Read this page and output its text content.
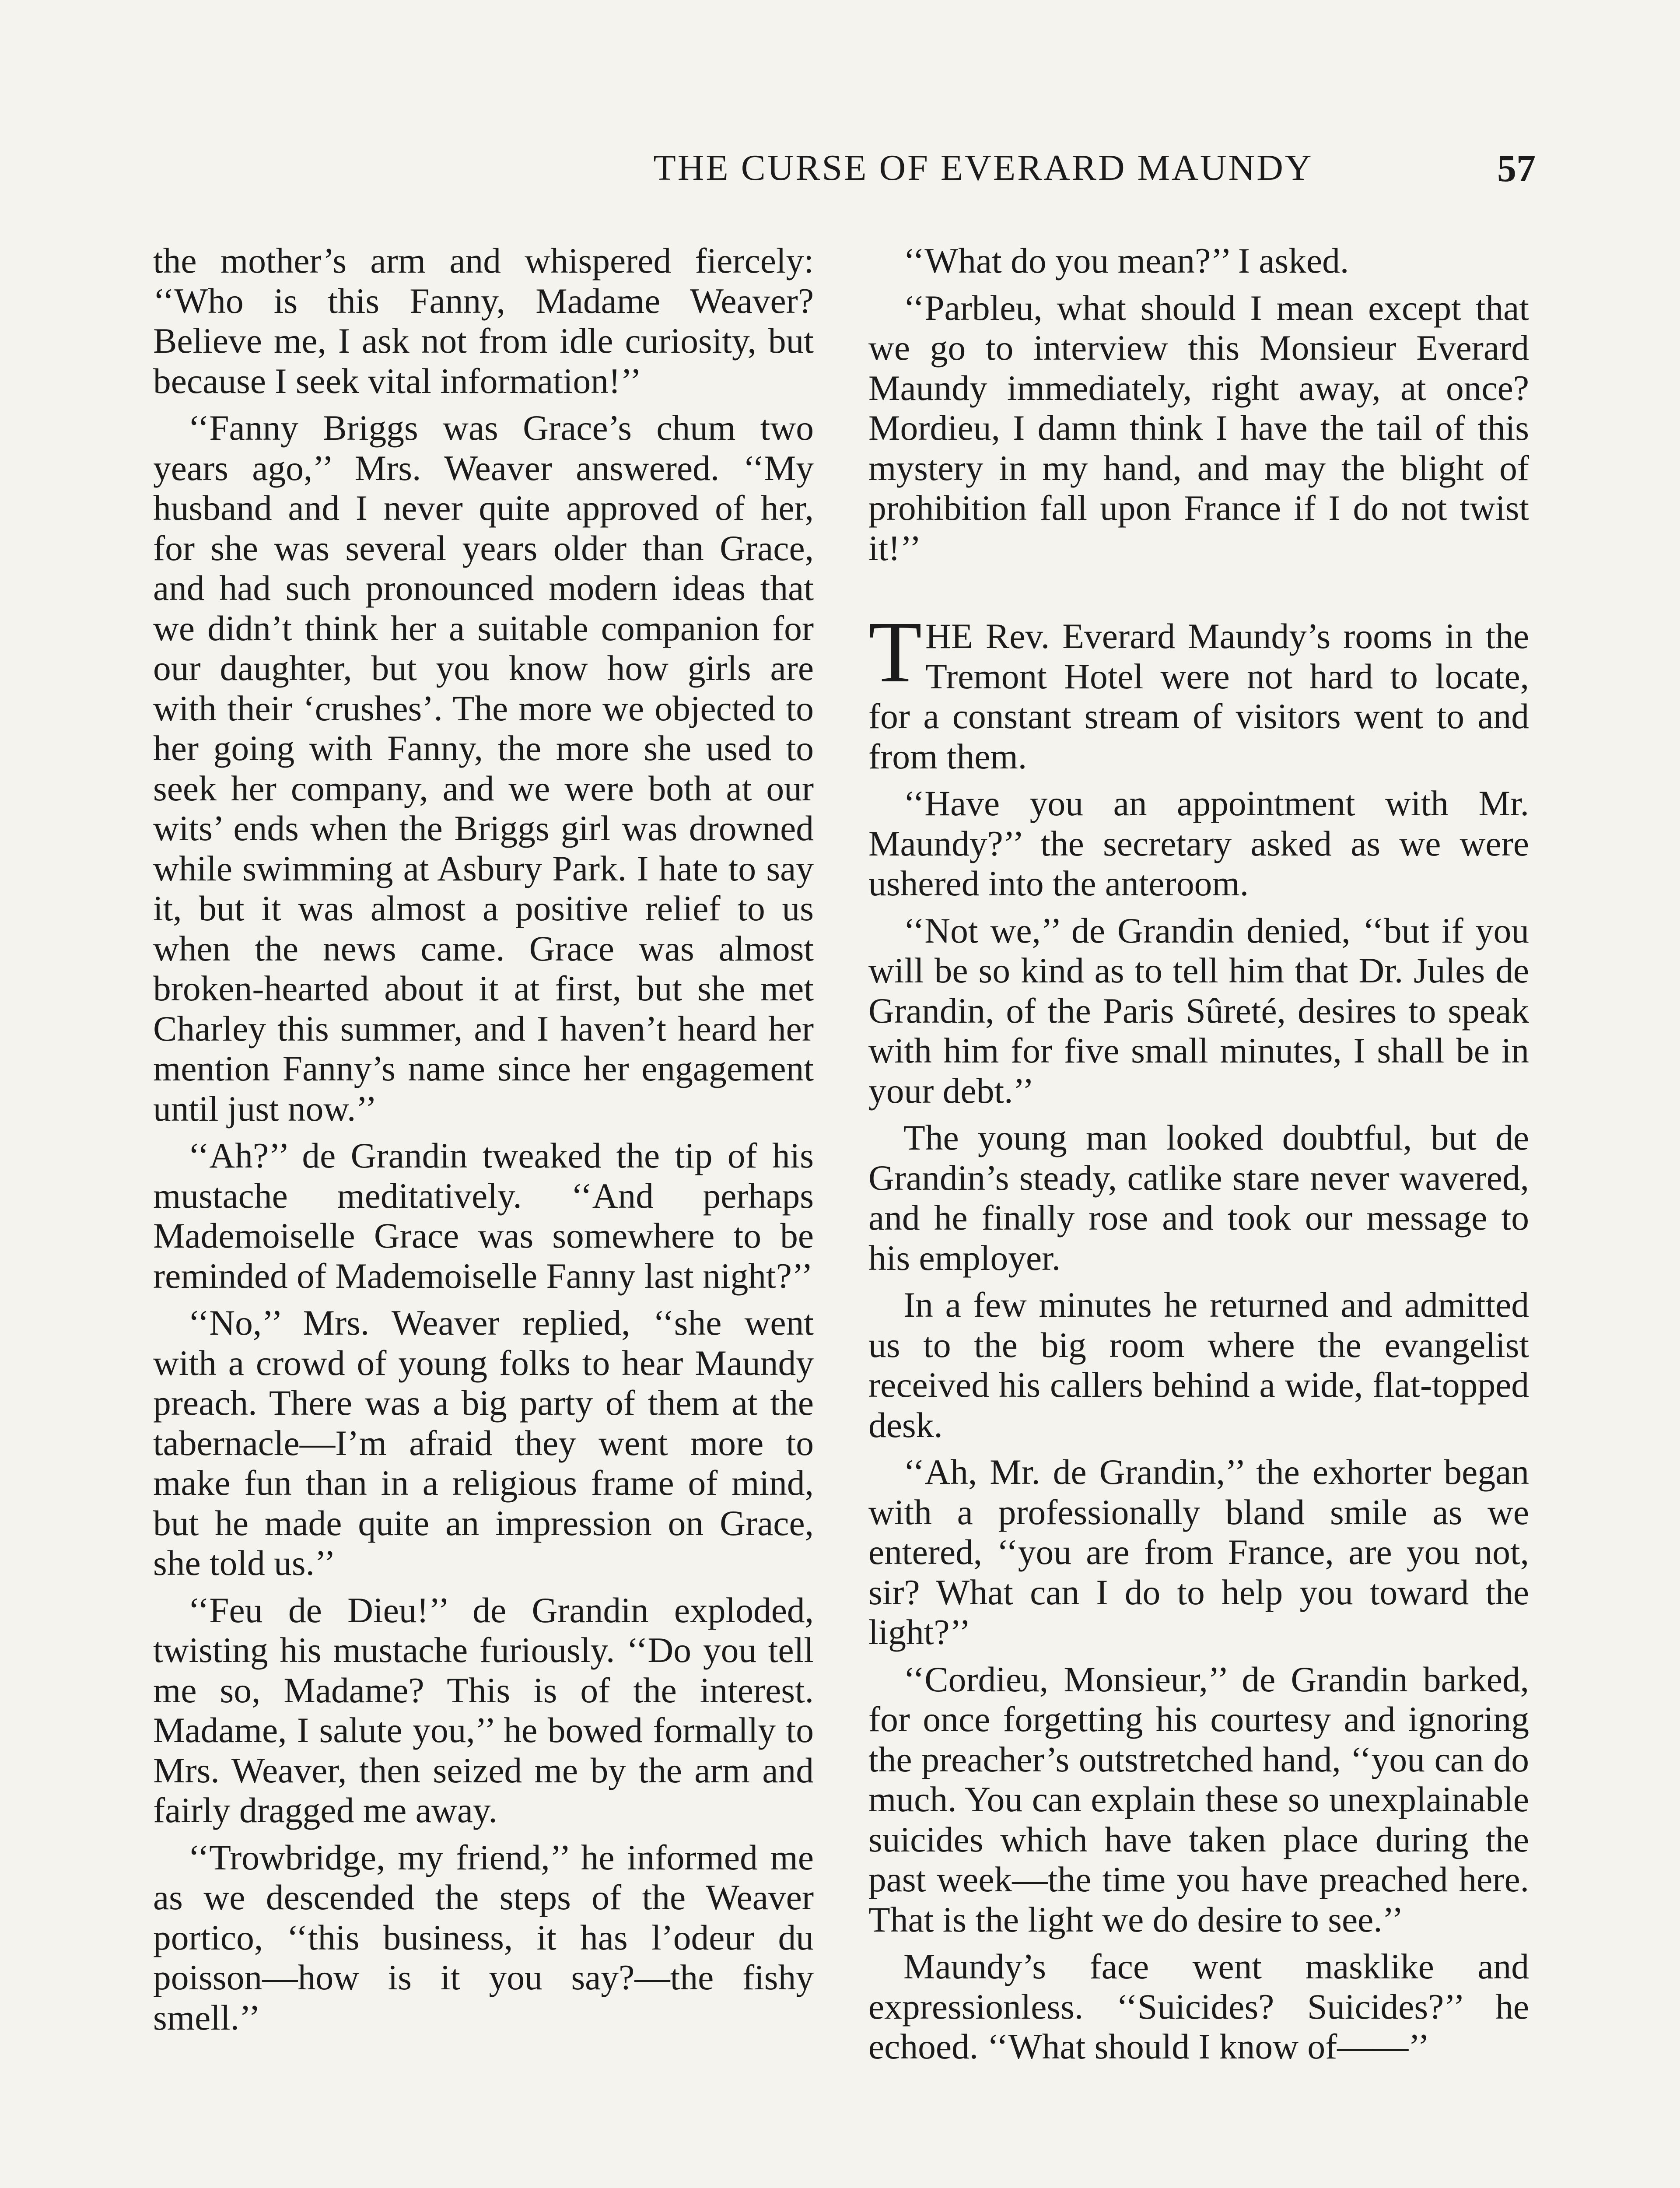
THE CURSE OF EVERARD MAUNDY	57

the mother’s arm and whispered fiercely: ‘‘Who is this Fanny, Madame Weaver? Believe me, I ask not from idle curiosity, but because I seek vital information!’’

‘‘Fanny Briggs was Grace’s chum two years ago,’’ Mrs. Weaver answered. ‘‘My husband and I never quite approved of her, for she was several years older than Grace, and had such pronounced modern ideas that we didn’t think her a suitable companion for our daughter, but you know how girls are with their ‘crushes’. The more we objected to her going with Fanny, the more she used to seek her company, and we were both at our wits’ ends when the Briggs girl was drowned while swimming at Asbury Park. I hate to say it, but it was almost a positive relief to us when the news came. Grace was almost broken-hearted about it at first, but she met Charley this summer, and I haven’t heard her mention Fanny’s name since her engagement until just now.’’

‘‘Ah?’’ de Grandin tweaked the tip of his mustache meditatively. ‘‘And perhaps Mademoiselle Grace was somewhere to be reminded of Mademoiselle Fanny last night?’’

‘‘No,’’ Mrs. Weaver replied, ‘‘she went with a crowd of young folks to hear Maundy preach. There was a big party of them at the tabernacle—I’m afraid they went more to make fun than in a religious frame of mind, but he made quite an impression on Grace, she told us.’’

‘‘Feu de Dieu!’’ de Grandin exploded, twisting his mustache furiously. ‘‘Do you tell me so, Madame? This is of the interest. Madame, I salute you,’’ he bowed formally to Mrs. Weaver, then seized me by the arm and fairly dragged me away.

‘‘Trowbridge, my friend,’’ he informed me as we descended the steps of the Weaver portico, ‘‘this business, it has l’odeur du poisson—how is it you say?—the fishy smell.’’

‘‘What do you mean?’’ I asked.

‘‘Parbleu, what should I mean except that we go to interview this Monsieur Everard Maundy immediately, right away, at once? Mordieu, I damn think I have the tail of this mystery in my hand, and may the blight of prohibition fall upon France if I do not twist it!’’

THE Rev. Everard Maundy’s rooms in the Tremont Hotel were not hard to locate, for a constant stream of visitors went to and from them.

‘‘Have you an appointment with Mr. Maundy?’’ the secretary asked as we were ushered into the anteroom.

‘‘Not we,’’ de Grandin denied, ‘‘but if you will be so kind as to tell him that Dr. Jules de Grandin, of the Paris Sûreté, desires to speak with him for five small minutes, I shall be in your debt.’’

The young man looked doubtful, but de Grandin’s steady, catlike stare never wavered, and he finally rose and took our message to his employer.

In a few minutes he returned and admitted us to the big room where the evangelist received his callers behind a wide, flat-topped desk.

‘‘Ah, Mr. de Grandin,’’ the exhorter began with a professionally bland smile as we entered, ‘‘you are from France, are you not, sir? What can I do to help you toward the light?’’

‘‘Cordieu, Monsieur,’’ de Grandin barked, for once forgetting his courtesy and ignoring the preacher’s outstretched hand, ‘‘you can do much. You can explain these so unexplainable suicides which have taken place during the past week—the time you have preached here. That is the light we do desire to see.’’

Maundy’s face went masklike and expressionless. ‘‘Suicides? Suicides?’’ he echoed. ‘‘What should I know of——’’
